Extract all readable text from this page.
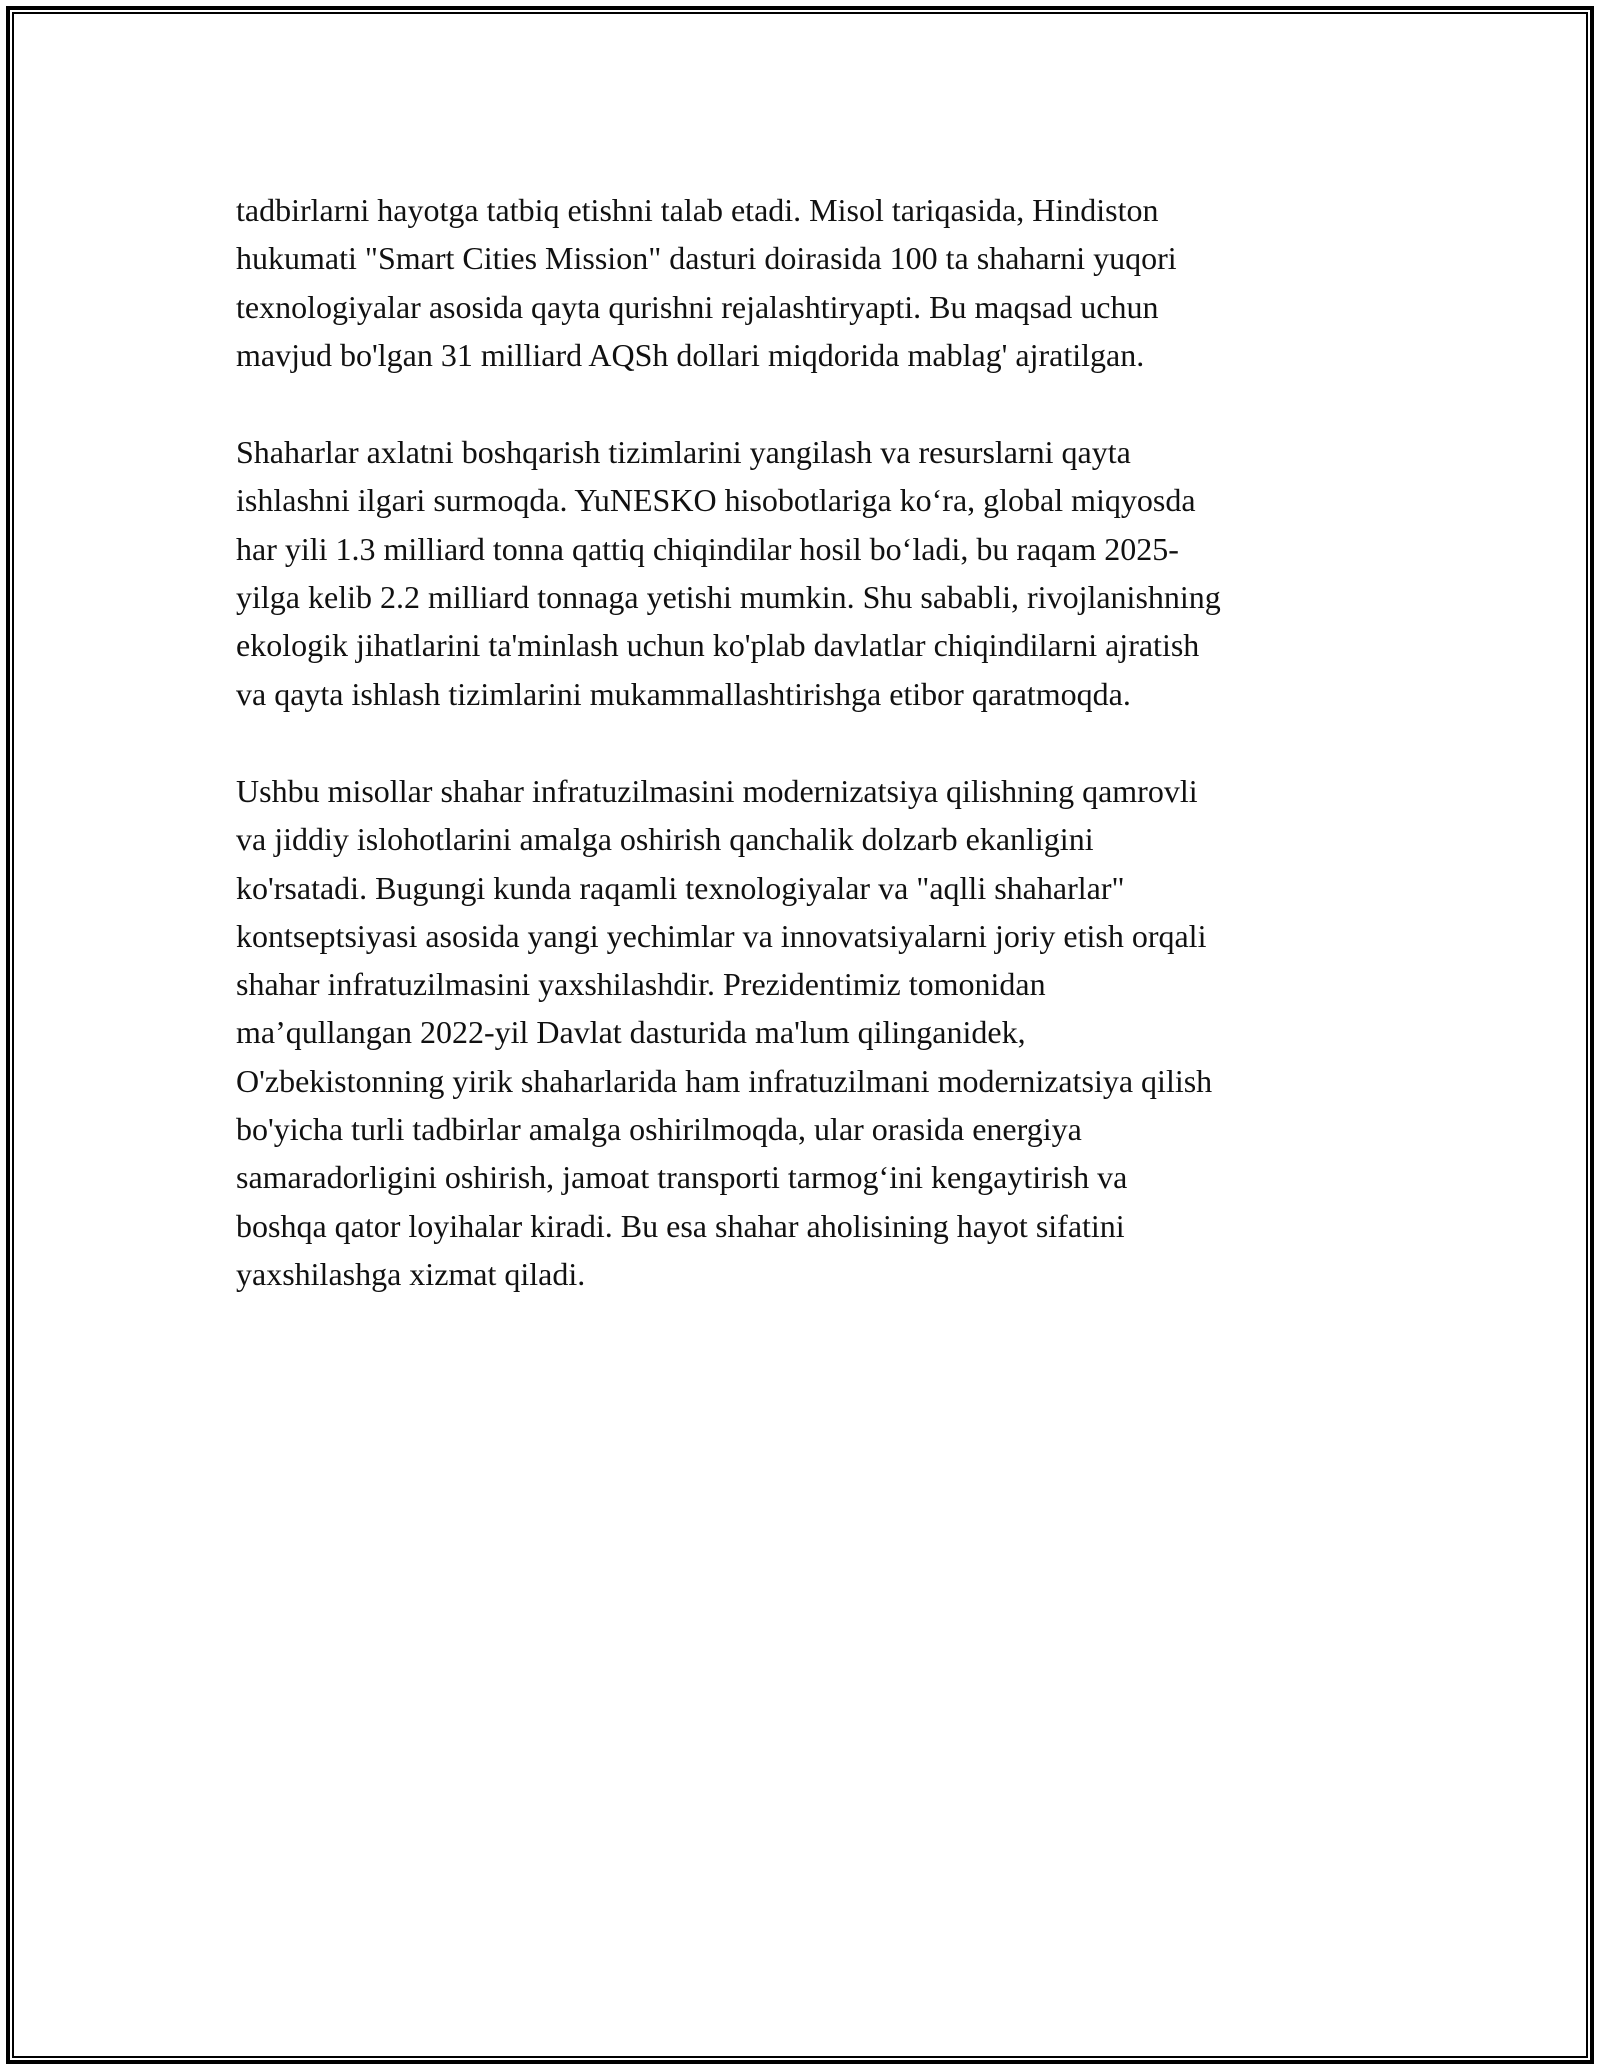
tadbirlarni hayotga tatbiq etishni talab etadi. Misol tariqasida, Hindiston
hukumati "Smart Cities Mission" dasturi doirasida 100 ta shaharni yuqori
texnologiyalar asosida qayta qurishni rejalashtiryapti. Bu maqsad uchun
mavjud bo'lgan 31 milliard AQSh dollari miqdorida mablag' ajratilgan.

Shaharlar axlatni boshqarish tizimlarini yangilash va resurslarni qayta
ishlashni ilgari surmoqda. YuNESKO hisobotlariga ko‘ra, global miqyosda
har yili 1.3 milliard tonna qattiq chiqindilar hosil bo‘ladi, bu raqam 2025-
yilga kelib 2.2 milliard tonnaga yetishi mumkin. Shu sababli, rivojlanishning
ekologik jihatlarini ta'minlash uchun ko'plab davlatlar chiqindilarni ajratish
va qayta ishlash tizimlarini mukammallashtirishga etibor qaratmoqda.

Ushbu misollar shahar infratuzilmasini modernizatsiya qilishning qamrovli
va jiddiy islohotlarini amalga oshirish qanchalik dolzarb ekanligini
ko'rsatadi. Bugungi kunda raqamli texnologiyalar va "aqlli shaharlar"
kontseptsiyasi asosida yangi yechimlar va innovatsiyalarni joriy etish orqali
shahar infratuzilmasini yaxshilashdir. Prezidentimiz tomonidan
ma’qullangan 2022-yil Davlat dasturida ma'lum qilinganidek,
O'zbekistonning yirik shaharlarida ham infratuzilmani modernizatsiya qilish
bo'yicha turli tadbirlar amalga oshirilmoqda, ular orasida energiya
samaradorligini oshirish, jamoat transporti tarmog‘ini kengaytirish va
boshqa qator loyihalar kiradi. Bu esa shahar aholisining hayot sifatini
yaxshilashga xizmat qiladi.
